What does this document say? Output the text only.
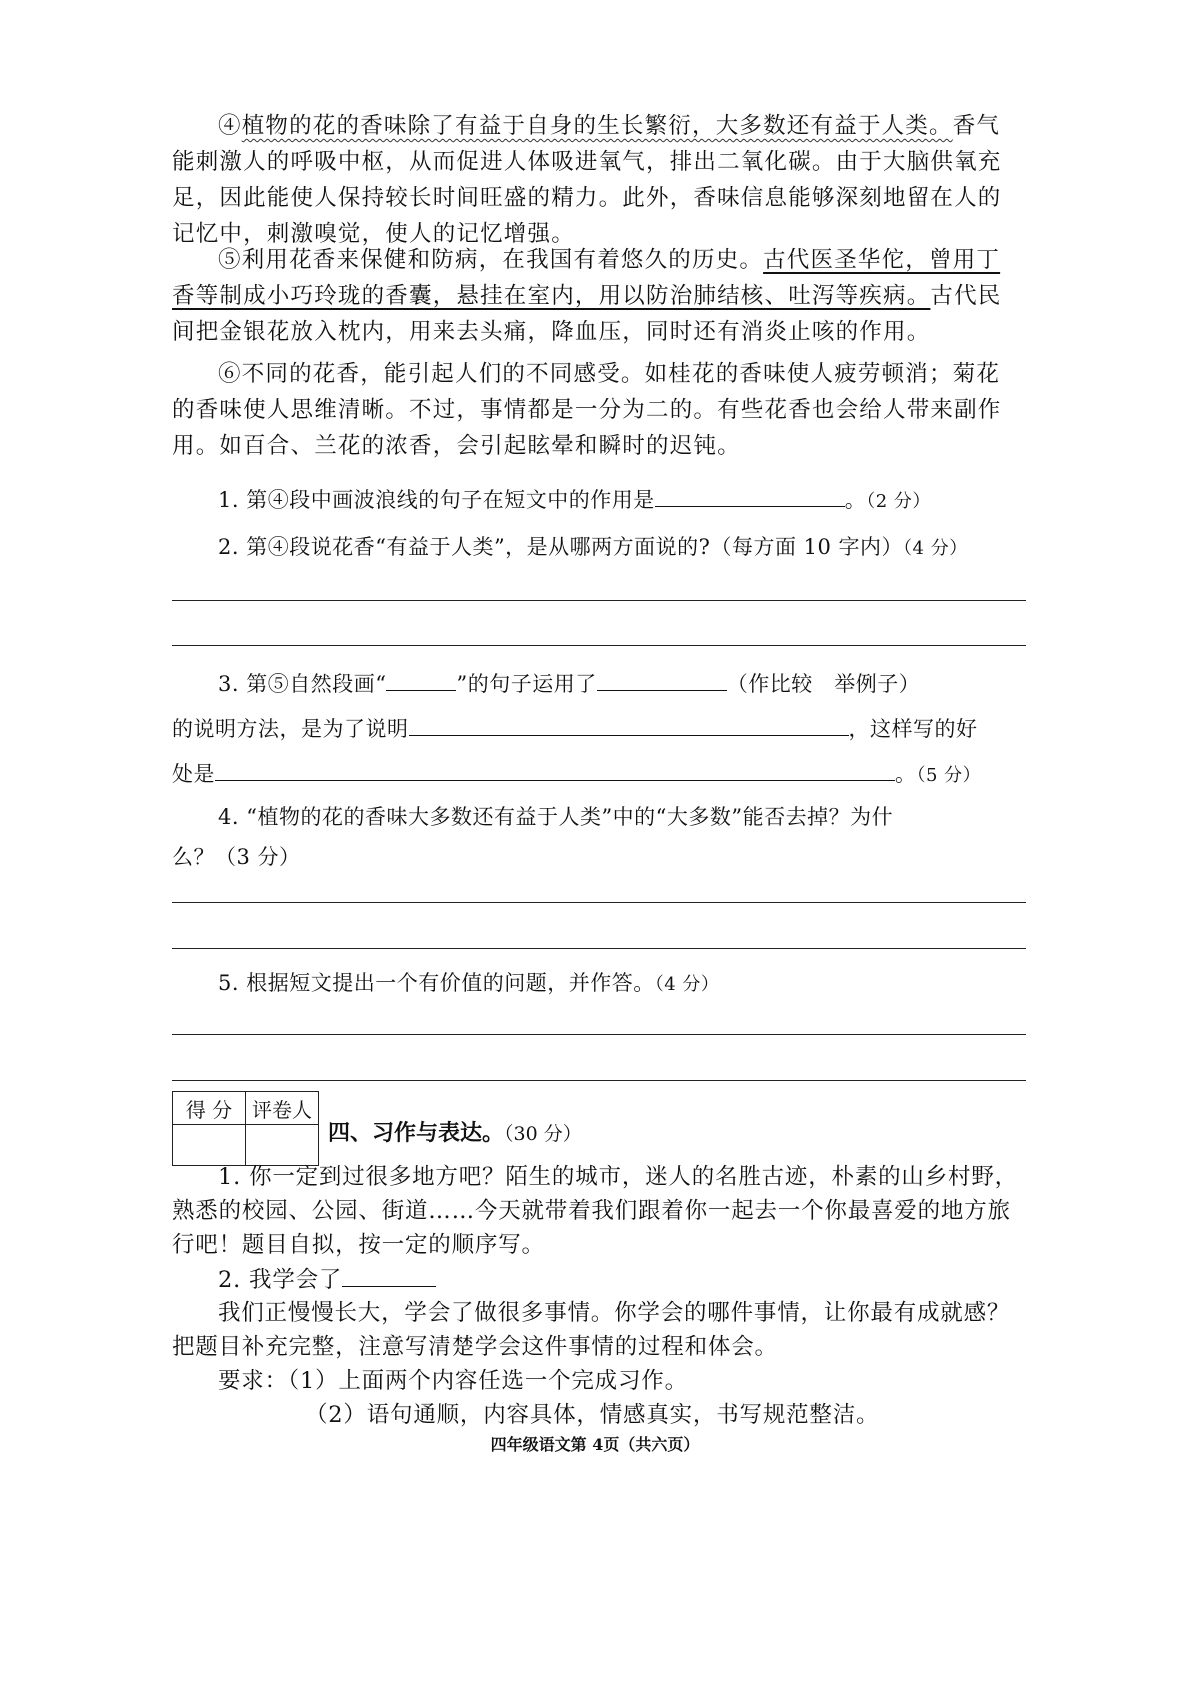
④植物的花的香味除了有益于自身的生长繁衍，大多数还有益于人类。香气能刺激人的呼吸中枢，从而促进人体吸进氧气，排出二氧化碳。由于大脑供氧充足，因此能使人保持较长时间旺盛的精力。此外，香味信息能够深刻地留在人的记忆中，刺激嗅觉，使人的记忆增强。

⑤利用花香来保健和防病，在我国有着悠久的历史。古代医圣华佗，曾用丁香等制成小巧玲珑的香囊，悬挂在室内，用以防治肺结核、吐泻等疾病。古代民间把金银花放入枕内，用来去头痛，降血压，同时还有消炎止咳的作用。

⑥不同的花香，能引起人们的不同感受。如桂花的香味使人疲劳顿消；菊花的香味使人思维清晰。不过，事情都是一分为二的。有些花香也会给人带来副作用。如百合、兰花的浓香，会引起眩晕和瞬时的迟钝。

1. 第④段中画波浪线的句子在短文中的作用是	。（2 分）
2. 第④段说花香“有益于人类”，是从哪两方面说的?（每方面 10 字内）（4 分）
3. 第⑤自然段画“	”的句子运用了	（作比较　举例子）
的说明方法，是为了说明	，这样写的好
处是	。（5 分）
4. “植物的花的香味大多数还有益于人类”中的“大多数”能否去掉？为什
么？（3 分）
5. 根据短文提出一个有价值的问题，并作答。（4 分）
得 分	评卷人

四、习作与表达。（30 分）

1. 你一定到过很多地方吧？陌生的城市，迷人的名胜古迹，朴素的山乡村野，熟悉的校园、公园、街道……今天就带着我们跟着你一起去一个你最喜爱的地方旅行吧！题目自拟，按一定的顺序写。

2. 我学会了

我们正慢慢长大，学会了做很多事情。你学会的哪件事情，让你最有成就感？把题目补充完整，注意写清楚学会这件事情的过程和体会。

要求：（1）上面两个内容任选一个完成习作。
（2）语句通顺，内容具体，情感真实，书写规范整洁。
四年级语文第 4页（共六页）
